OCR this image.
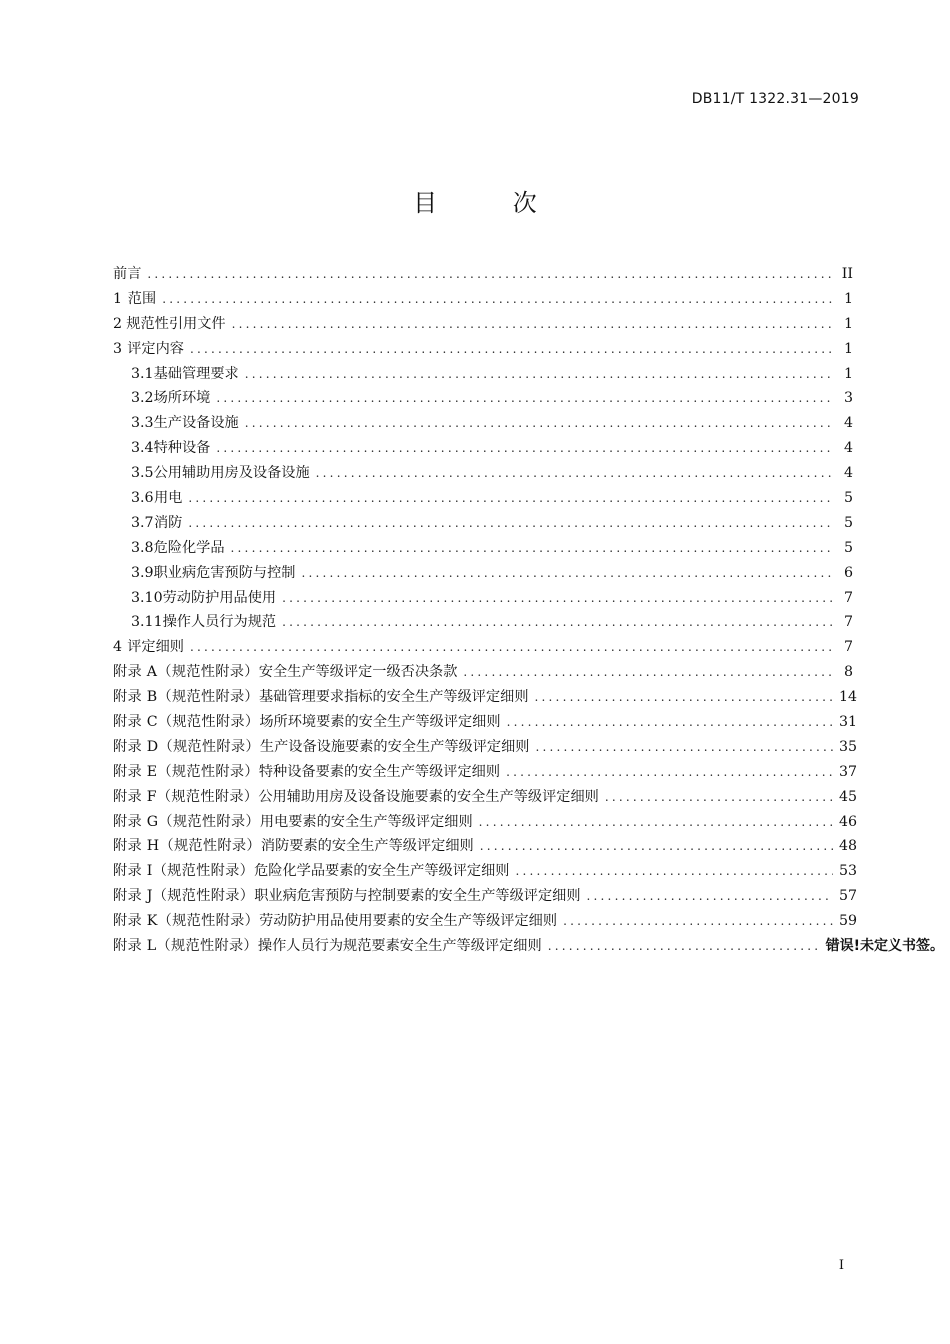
DB11/T 1322.31—2019
目 次
前言 .....	II
1 范围 .....	1
2 规范性引用文件 .....	1
3 评定内容 .....	1
3.1 基础管理要求 .....	1
3.2 场所环境 .....	3
3.3 生产设备设施 .....	4
3.4 特种设备 .....	4
3.5 公用辅助用房及设备设施 .....	4
3.6 用电 .....	5
3.7 消防 .....	5
3.8 危险化学品 .....	5
3.9 职业病危害预防与控制 .....	6
3.10 劳动防护用品使用 .....	7
3.11 操作人员行为规范 .....	7
4 评定细则 .....	7
附录 A（规范性附录） 安全生产等级评定一级否决条款 .....	8
附录 B（规范性附录） 基础管理要求指标的安全生产等级评定细则 .....	14
附录 C（规范性附录） 场所环境要素的安全生产等级评定细则 .....	31
附录 D（规范性附录） 生产设备设施要素的安全生产等级评定细则 .....	35
附录 E（规范性附录） 特种设备要素的安全生产等级评定细则 .....	37
附录 F（规范性附录） 公用辅助用房及设备设施要素的安全生产等级评定细则 .....	45
附录 G（规范性附录） 用电要素的安全生产等级评定细则 .....	46
附录 H（规范性附录） 消防要素的安全生产等级评定细则 .....	48
附录 I（规范性附录） 危险化学品要素的安全生产等级评定细则 .....	53
附录 J（规范性附录） 职业病危害预防与控制要素的安全生产等级评定细则 .....	57
附录 K（规范性附录） 劳动防护用品使用要素的安全生产等级评定细则 .....	59
附录 L（规范性附录） 操作人员行为规范要素安全生产等级评定细则 .....	错误!未定义书签。
I
